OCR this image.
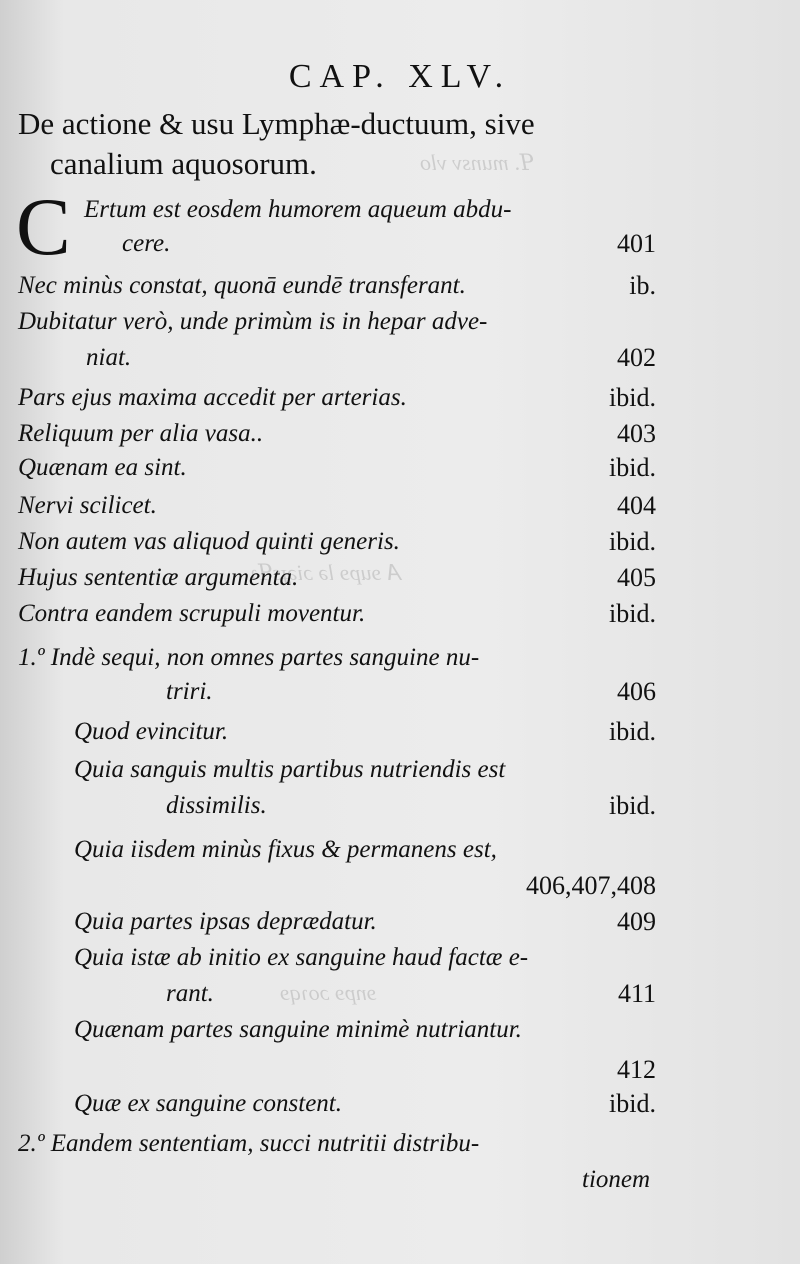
ꟼ. munsv vlo
Ꭺ ɘupɘ lǝ ɔiǝɟsꟼɿ
ɘnpɘ ɔoɿqɘ
CAP. XLV.
De actione & usu Lymphæ-ductuum, sive
canalium aquosorum.
C Ertum est eosdem humorem aqueum abdu-
cere.	401
Nec minùs constat, quonā eundē transferant.	ib.
Dubitatur verò, unde primùm is in hepar adve-
niat.	402
Pars ejus maxima accedit per arterias.	ibid.
Reliquum per alia vasa..	403
Quænam ea sint.	ibid.
Nervi scilicet.	404
Non autem vas aliquod quinti generis.	ibid.
Hujus sententiæ argumenta.	405
Contra eandem scrupuli moventur.	ibid.
1.º Indè sequi, non omnes partes sanguine nu-
triri.	406
Quod evincitur.	ibid.
Quia sanguis multis partibus nutriendis est
dissimilis.	ibid.
Quia iisdem minùs fixus & permanens est,
406,407,408
Quia partes ipsas deprædatur.	409
Quia istæ ab initio ex sanguine haud factæ e-
rant.	411
Quænam partes sanguine minimè nutriantur.
412
Quæ ex sanguine constent.	ibid.
2.º Eandem sententiam, succi nutritii distribu-
tionem
